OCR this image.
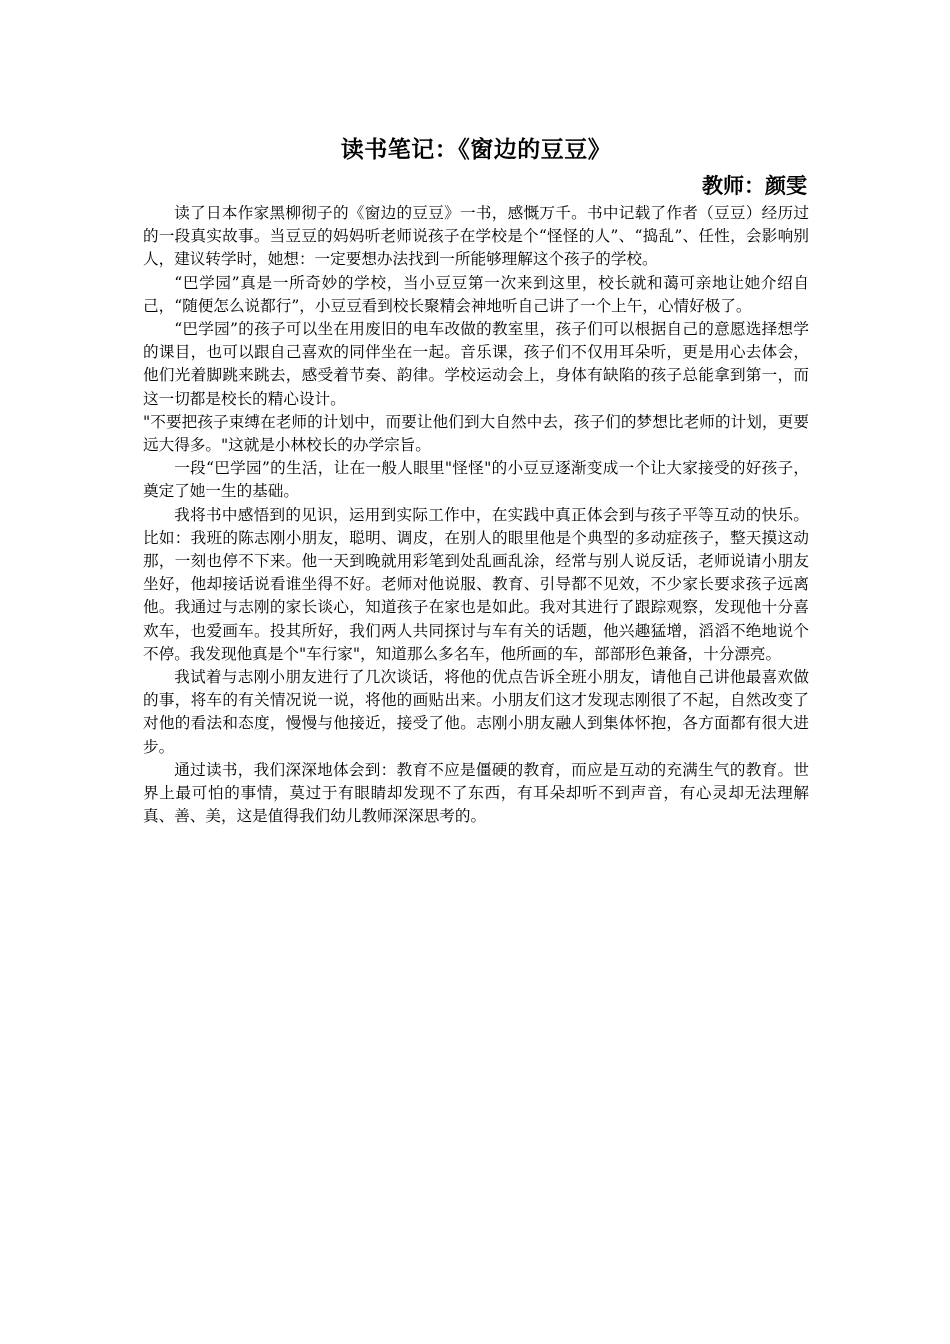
读书笔记：《窗边的豆豆》
教师：颜雯

读了日本作家黑柳彻子的《窗边的豆豆》一书，感慨万千。书中记载了作者（豆豆）经历过的一段真实故事。当豆豆的妈妈听老师说孩子在学校是个“怪怪的人”、“捣乱”、任性，会影响别人，建议转学时，她想：一定要想办法找到一所能够理解这个孩子的学校。

“巴学园”真是一所奇妙的学校，当小豆豆第一次来到这里，校长就和蔼可亲地让她介绍自己，“随便怎么说都行”，小豆豆看到校长聚精会神地听自己讲了一个上午，心情好极了。

“巴学园”的孩子可以坐在用废旧的电车改做的教室里，孩子们可以根据自己的意愿选择想学的课目，也可以跟自己喜欢的同伴坐在一起。音乐课，孩子们不仅用耳朵听，更是用心去体会，他们光着脚跳来跳去，感受着节奏、韵律。学校运动会上，身体有缺陷的孩子总能拿到第一，而这一切都是校长的精心设计。

"不要把孩子束缚在老师的计划中，而要让他们到大自然中去，孩子们的梦想比老师的计划，更要远大得多。"这就是小林校长的办学宗旨。

一段“巴学园”的生活，让在一般人眼里"怪怪"的小豆豆逐渐变成一个让大家接受的好孩子，奠定了她一生的基础。

我将书中感悟到的见识，运用到实际工作中，在实践中真正体会到与孩子平等互动的快乐。比如：我班的陈志刚小朋友，聪明、调皮，在别人的眼里他是个典型的多动症孩子，整天摸这动那，一刻也停不下来。他一天到晚就用彩笔到处乱画乱涂，经常与别人说反话，老师说请小朋友坐好，他却接话说看谁坐得不好。老师对他说服、教育、引导都不见效，不少家长要求孩子远离他。我通过与志刚的家长谈心，知道孩子在家也是如此。我对其进行了跟踪观察，发现他十分喜欢车，也爱画车。投其所好，我们两人共同探讨与车有关的话题，他兴趣猛增，滔滔不绝地说个不停。我发现他真是个"车行家"，知道那么多名车，他所画的车，部部形色兼备，十分漂亮。

我试着与志刚小朋友进行了几次谈话，将他的优点告诉全班小朋友，请他自己讲他最喜欢做的事，将车的有关情况说一说，将他的画贴出来。小朋友们这才发现志刚很了不起，自然改变了对他的看法和态度，慢慢与他接近，接受了他。志刚小朋友融人到集体怀抱，各方面都有很大进步。

通过读书，我们深深地体会到：教育不应是僵硬的教育，而应是互动的充满生气的教育。世界上最可怕的事情，莫过于有眼睛却发现不了东西，有耳朵却听不到声音，有心灵却无法理解真、善、美，这是值得我们幼儿教师深深思考的。
